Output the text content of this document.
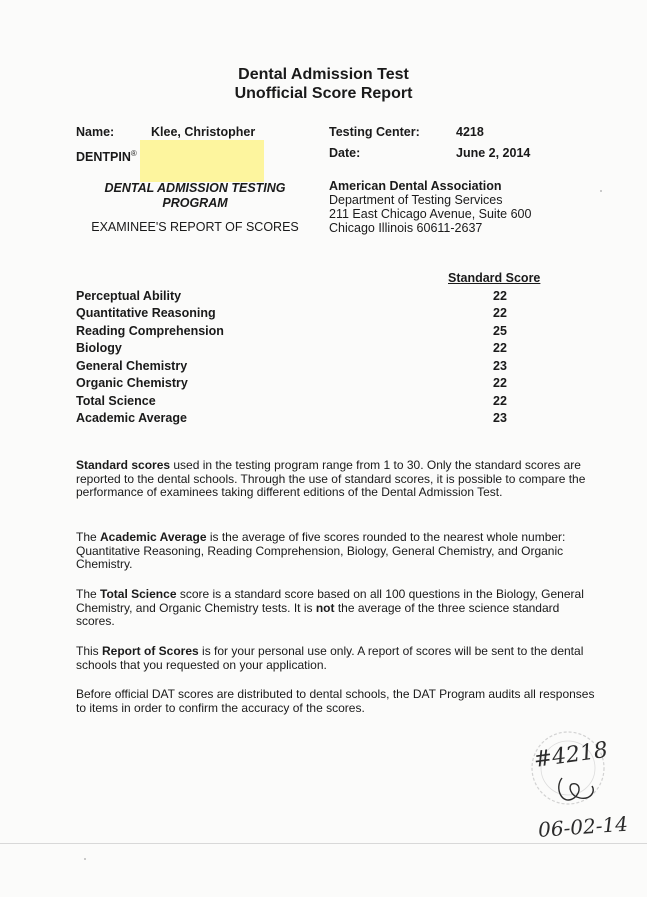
Dental Admission Test
Unofficial Score Report
Name:	Klee, Christopher
DENTPIN®
Testing Center:	4218
Date:	June 2, 2014
DENTAL ADMISSION TESTING
PROGRAM
EXAMINEE'S REPORT OF SCORES
American Dental Association
Department of Testing Services
211 East Chicago Avenue, Suite 600
Chicago Illinois 60611-2637
Standard Score
Perceptual Ability	22
Quantitative Reasoning	22
Reading Comprehension	25
Biology	22
General Chemistry	23
Organic Chemistry	22
Total Science	22
Academic Average	23
Standard scores used in the testing program range from 1 to 30. Only the standard scores are reported to the dental schools. Through the use of standard scores, it is possible to compare the performance of examinees taking different editions of the Dental Admission Test.
The Academic Average is the average of five scores rounded to the nearest whole number: Quantitative Reasoning, Reading Comprehension, Biology, General Chemistry, and Organic Chemistry.
The Total Science score is a standard score based on all 100 questions in the Biology, General Chemistry, and Organic Chemistry tests. It is not the average of the three science standard scores.
This Report of Scores is for your personal use only. A report of scores will be sent to the dental schools that you requested on your application.
Before official DAT scores are distributed to dental schools, the DAT Program audits all responses to items in order to confirm the accuracy of the scores.
#4218
06-02-14
